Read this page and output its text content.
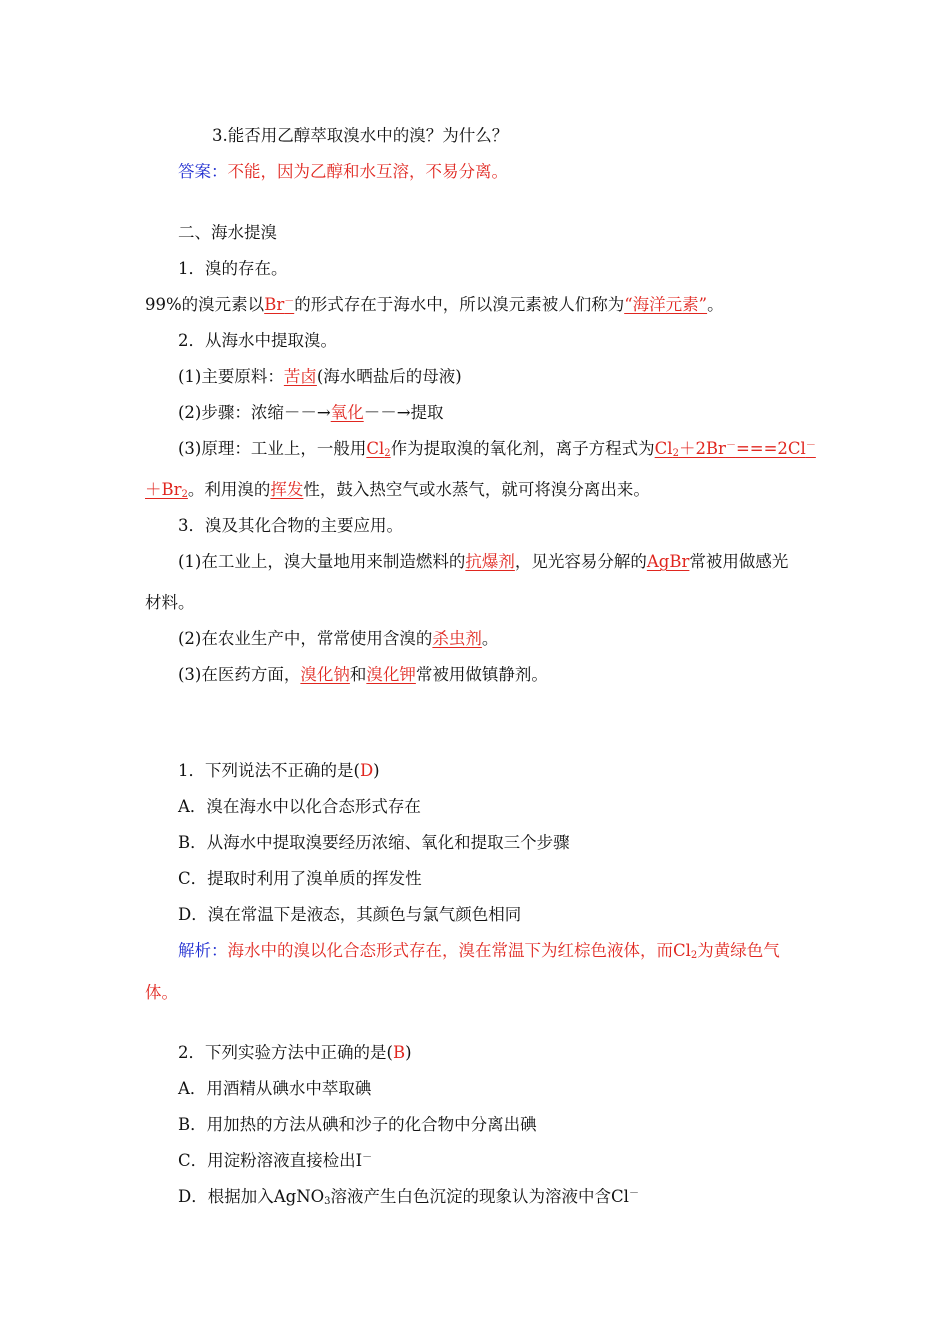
3.能否用乙醇萃取溴水中的溴？为什么？
答案：不能，因为乙醇和水互溶，不易分离。
二、海水提溴
1．溴的存在。
99%的溴元素以Br－的形式存在于海水中，所以溴元素被人们称为“海洋元素”。
2．从海水中提取溴。
(1)主要原料：苦卤(海水晒盐后的母液)
(2)步骤：浓缩－－→氧化－－→提取
(3)原理：工业上，一般用$Cl_2$作为提取溴的氧化剂，离子方程式为$Cl_2+2Br^-===2Cl^-$
$+Br_2$。利用溴的挥发性，鼓入热空气或水蒸气，就可将溴分离出来。
3．溴及其化合物的主要应用。
(1)在工业上，溴大量地用来制造燃料的抗爆剂，见光容易分解的AgBr常被用做感光
材料。
(2)在农业生产中，常常使用含溴的杀虫剂。
(3)在医药方面，溴化钠和溴化钾常被用做镇静剂。
1．下列说法不正确的是(D)
A．溴在海水中以化合态形式存在
B．从海水中提取溴要经历浓缩、氧化和提取三个步骤
C．提取时利用了溴单质的挥发性
D．溴在常温下是液态，其颜色与氯气颜色相同
解析：海水中的溴以化合态形式存在，溴在常温下为红棕色液体，而$Cl_2$为黄绿色气
体。
2．下列实验方法中正确的是(B)
A．用酒精从碘水中萃取碘
B．用加热的方法从碘和沙子的化合物中分离出碘
C．用淀粉溶液直接检出I－
D．根据加入AgNO$_3$溶液产生白色沉淀的现象认为溶液中含Cl－
